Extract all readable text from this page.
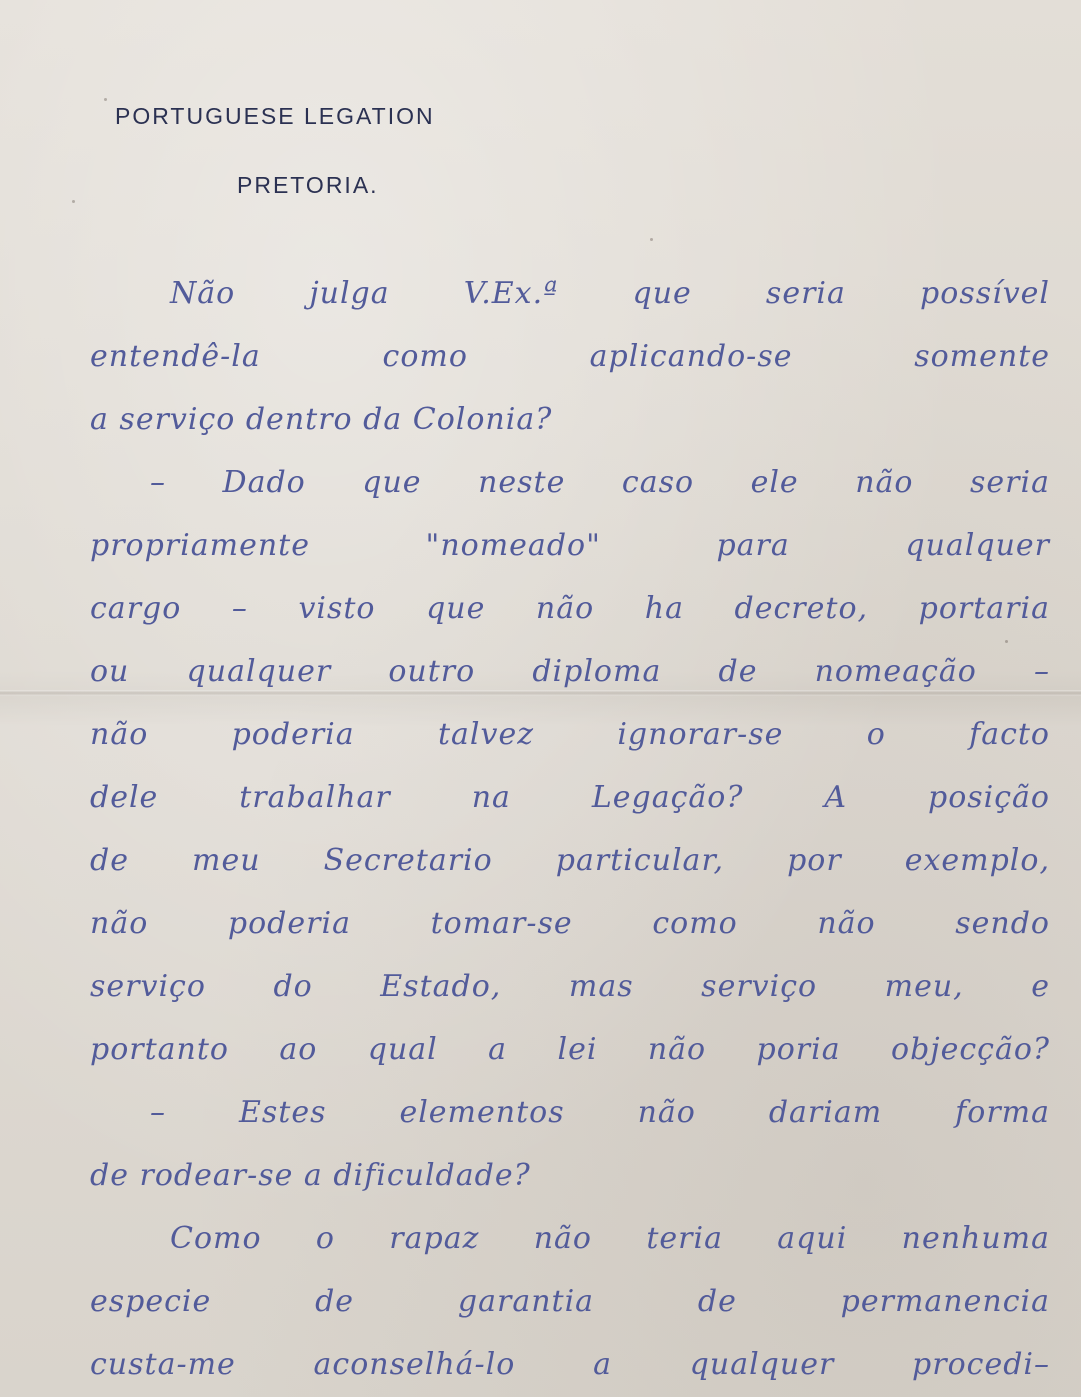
PORTUGUESE LEGATION
PRETORIA.
Não julga V.Ex.ª que seria possível
entendê-la como aplicando-se somente
a serviço dentro da Colonia?
– Dado que neste caso ele não seria
propriamente "nomeado" para qualquer
cargo – visto que não ha decreto, portaria
ou qualquer outro diploma de nomeação –
não poderia talvez ignorar-se o facto
dele trabalhar na Legação? A posição
de meu Secretario particular, por exemplo,
não poderia tomar-se como não sendo
serviço do Estado, mas serviço meu, e
portanto ao qual a lei não poria objecção?
– Estes elementos não dariam forma
de rodear-se a dificuldade?
Como o rapaz não teria aqui nenhuma
especie de garantia de permanencia
custa-me aconselhá-lo a qualquer procedi–
